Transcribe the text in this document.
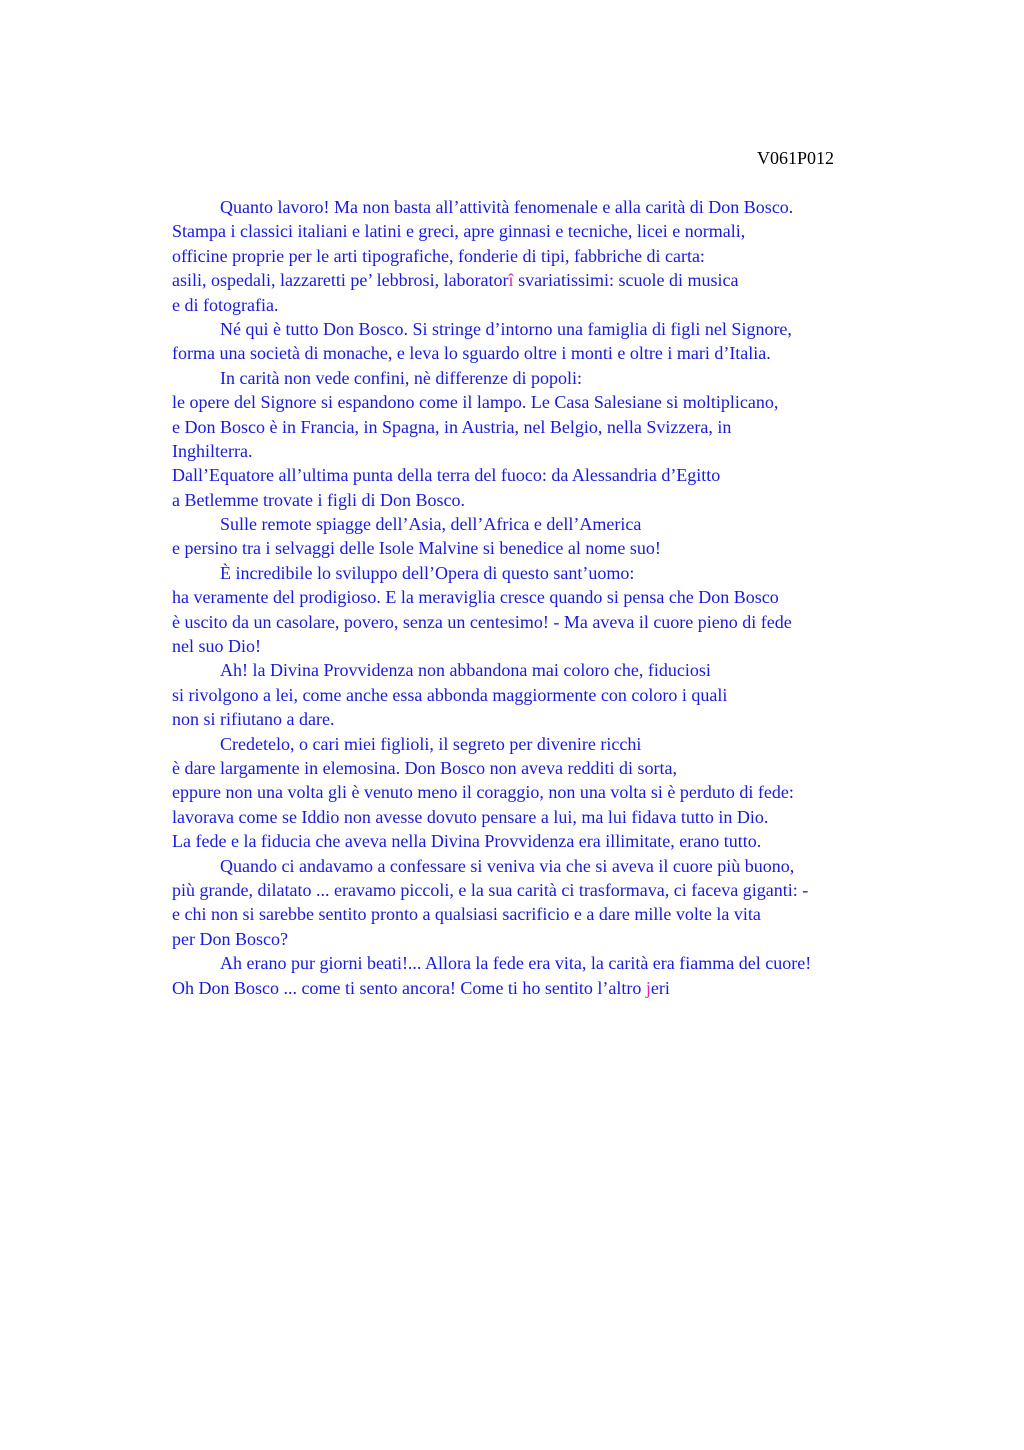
V061P012
Quanto lavoro! Ma non basta all’attività fenomenale e alla carità di Don Bosco.
Stampa i classici italiani e latini e greci, apre ginnasi e tecniche, licei e normali,
officine proprie per le arti tipografiche, fonderie di tipi, fabbriche di carta:
asili, ospedali, lazzaretti pe’ lebbrosi, laboratorî svariatissimi: scuole di musica
e di fotografia.
Né qui è tutto Don Bosco. Si stringe d’intorno una famiglia di figli nel Signore,
forma una società di monache, e leva lo sguardo oltre i monti e oltre i mari d’Italia.
In carità non vede confini, nè differenze di popoli:
le opere del Signore si espandono come il lampo. Le Casa Salesiane si moltiplicano,
e Don Bosco è in Francia, in Spagna, in Austria, nel Belgio, nella Svizzera, in
Inghilterra.
Dall’Equatore all’ultima punta della terra del fuoco: da Alessandria d’Egitto
a Betlemme trovate i figli di Don Bosco.
Sulle remote spiagge dell’Asia, dell’Africa e dell’America
e persino tra i selvaggi delle Isole Malvine si benedice al nome suo!
È incredibile lo sviluppo dell’Opera di questo sant’uomo:
ha veramente del prodigioso. E la meraviglia cresce quando si pensa che Don Bosco
è uscito da un casolare, povero, senza un centesimo! - Ma aveva il cuore pieno di fede
nel suo Dio!
Ah! la Divina Provvidenza non abbandona mai coloro che, fiduciosi
si rivolgono a lei, come anche essa abbonda maggiormente con coloro i quali
non si rifiutano a dare.
Credetelo, o cari miei figlioli, il segreto per divenire ricchi
è dare largamente in elemosina. Don Bosco non aveva redditi di sorta,
eppure non una volta gli è venuto meno il coraggio, non una volta si è perduto di fede:
lavorava come se Iddio non avesse dovuto pensare a lui, ma lui fidava tutto in Dio.
La fede e la fiducia che aveva nella Divina Provvidenza era illimitate, erano tutto.
Quando ci andavamo a confessare si veniva via che si aveva il cuore più buono,
più grande, dilatato ... eravamo piccoli, e la sua carità ci trasformava, ci faceva giganti: -
e chi non si sarebbe sentito pronto a qualsiasi sacrificio e a dare mille volte la vita
per Don Bosco?
Ah erano pur giorni beati!... Allora la fede era vita, la carità era fiamma del cuore!
Oh Don Bosco ... come ti sento ancora! Come ti ho sentito l’altro jeri
